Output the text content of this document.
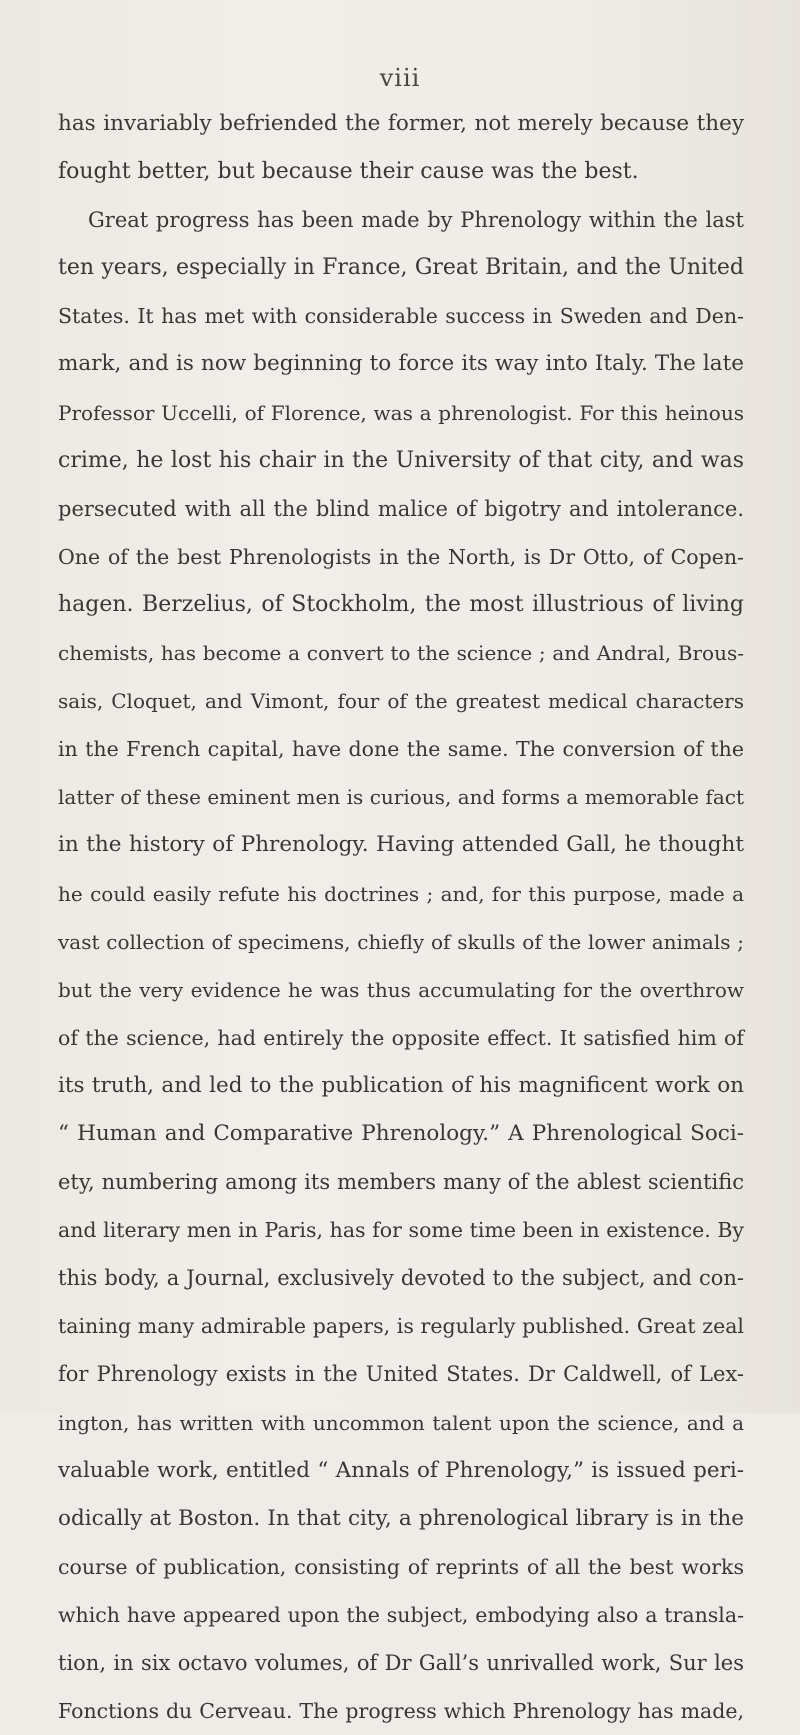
viii
has invariably befriended the former, not merely because they
fought better, but because their cause was the best.
Great progress has been made by Phrenology within the last
ten years, especially in France, Great Britain, and the United
States. It has met with considerable success in Sweden and Den-
mark, and is now beginning to force its way into Italy. The late
Professor Uccelli, of Florence, was a phrenologist. For this heinous
crime, he lost his chair in the University of that city, and was
persecuted with all the blind malice of bigotry and intolerance.
One of the best Phrenologists in the North, is Dr Otto, of Copen-
hagen. Berzelius, of Stockholm, the most illustrious of living
chemists, has become a convert to the science ; and Andral, Brous-
sais, Cloquet, and Vimont, four of the greatest medical characters
in the French capital, have done the same. The conversion of the
latter of these eminent men is curious, and forms a memorable fact
in the history of Phrenology. Having attended Gall, he thought
he could easily refute his doctrines ; and, for this purpose, made a
vast collection of specimens, chiefly of skulls of the lower animals ;
but the very evidence he was thus accumulating for the overthrow
of the science, had entirely the opposite effect. It satisfied him of
its truth, and led to the publication of his magnificent work on
“ Human and Comparative Phrenology.” A Phrenological Soci-
ety, numbering among its members many of the ablest scientific
and literary men in Paris, has for some time been in existence. By
this body, a Journal, exclusively devoted to the subject, and con-
taining many admirable papers, is regularly published. Great zeal
for Phrenology exists in the United States. Dr Caldwell, of Lex-
ington, has written with uncommon talent upon the science, and a
valuable work, entitled “ Annals of Phrenology,” is issued peri-
odically at Boston. In that city, a phrenological library is in the
course of publication, consisting of reprints of all the best works
which have appeared upon the subject, embodying also a transla-
tion, in six octavo volumes, of Dr Gall’s unrivalled work, Sur les
Fonctions du Cerveau. The progress which Phrenology has made,
